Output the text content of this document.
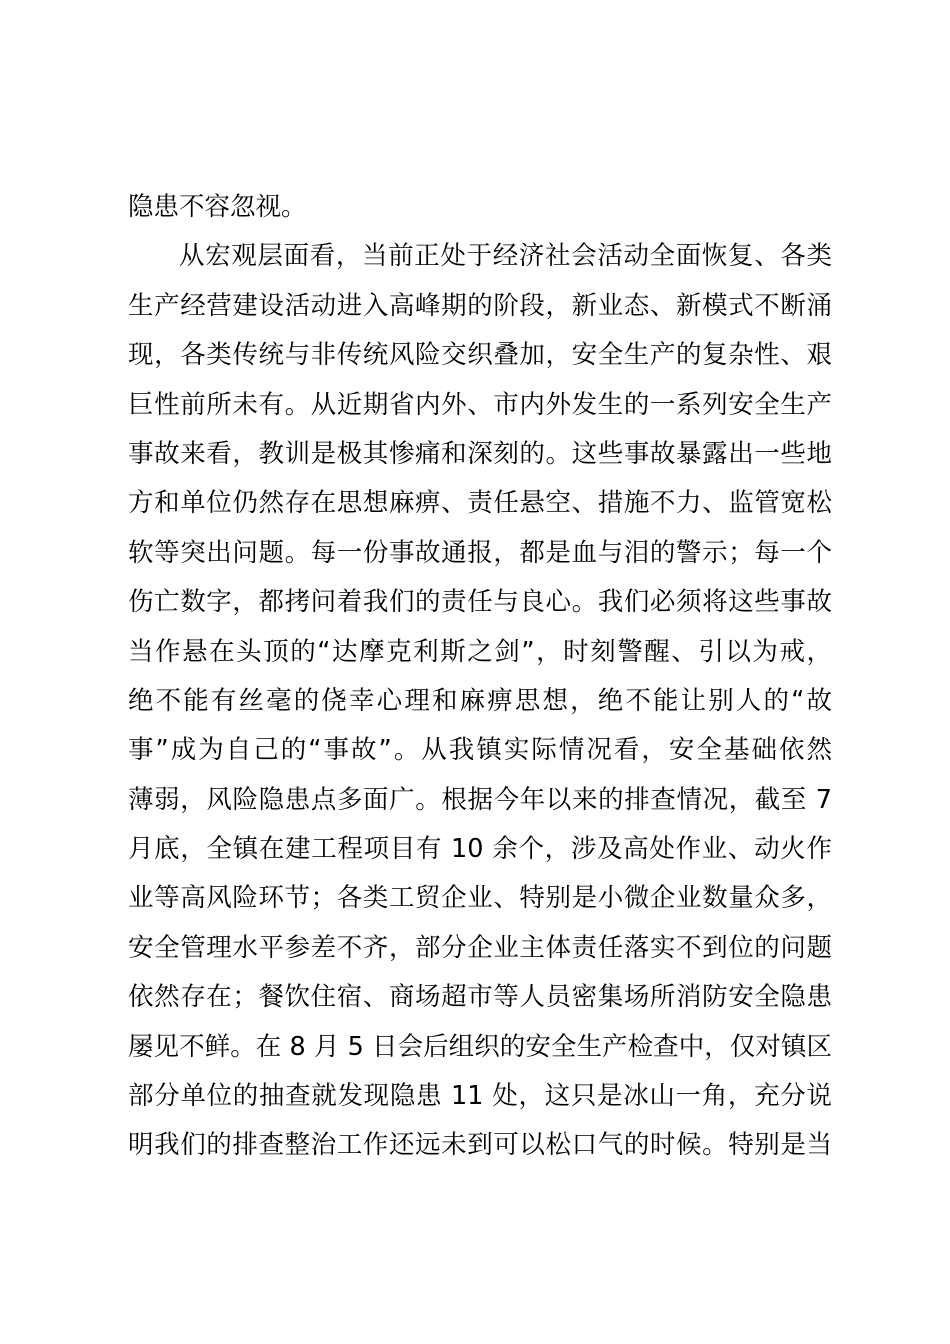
隐患不容忽视。
从宏观层面看，当前正处于经济社会活动全面恢复、各类
生产经营建设活动进入高峰期的阶段，新业态、新模式不断涌
现，各类传统与非传统风险交织叠加，安全生产的复杂性、艰
巨性前所未有。从近期省内外、市内外发生的一系列安全生产
事故来看，教训是极其惨痛和深刻的。这些事故暴露出一些地
方和单位仍然存在思想麻痹、责任悬空、措施不力、监管宽松
软等突出问题。每一份事故通报，都是血与泪的警示；每一个
伤亡数字，都拷问着我们的责任与良心。我们必须将这些事故
当作悬在头顶的“达摩克利斯之剑”，时刻警醒、引以为戒，
绝不能有丝毫的侥幸心理和麻痹思想，绝不能让别人的“故
事”成为自己的“事故”。从我镇实际情况看，安全基础依然
薄弱，风险隐患点多面广。根据今年以来的排查情况，截至 7
月底，全镇在建工程项目有 10 余个，涉及高处作业、动火作
业等高风险环节；各类工贸企业、特别是小微企业数量众多，
安全管理水平参差不齐，部分企业主体责任落实不到位的问题
依然存在；餐饮住宿、商场超市等人员密集场所消防安全隐患
屡见不鲜。在 8 月 5 日会后组织的安全生产检查中，仅对镇区
部分单位的抽查就发现隐患 11 处，这只是冰山一角，充分说
明我们的排查整治工作还远未到可以松口气的时候。特别是当
